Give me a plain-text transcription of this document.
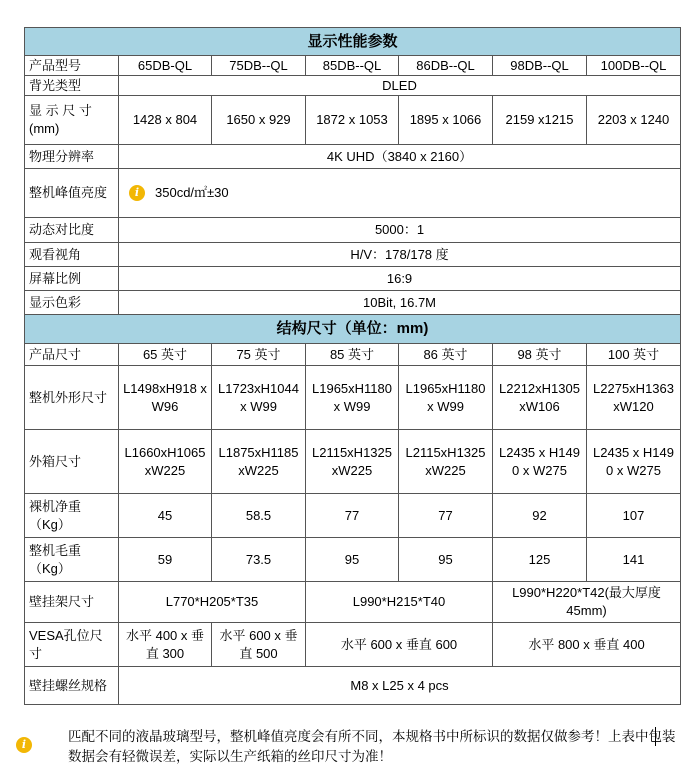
显示性能参数						
产品型号	65DB-QL	75DB--QL	85DB--QL	86DB--QL	98DB--QL	100DB--QL
背光类型	DLED					
显 示 尺 寸 (mm)	1428 x 804	1650 x 929	1872 x 1053	1895 x 1066	2159 x1215	2203 x 1240
物理分辨率	4K UHD（3840 x 2160）					
整机峰值亮度	i 350cd/㎡±30					

动态对比度	5000：1					
观看视角	H/V：178/178 度					
屏幕比例	16:9					
显示色彩	10Bit, 16.7M					
结构尺寸（单位：mm)						
产品尺寸	65 英寸	75 英寸	85 英寸	86 英寸	98 英寸	100 英寸
整机外形尺寸	L1498xH918 x W96	L1723xH1044 x W99	L1965xH1180 x W99	L1965xH1180 x W99	L2212xH1305xW106	L2275xH1363xW120
外箱尺寸	L1660xH1065xW225	L1875xH1185xW225	L2115xH1325xW225	L2115xH1325xW225	L2435 x H1490 x W275	L2435 x H1490 x W275
裸机净重（Kg）	45	58.5	77	77	92	107
整机毛重（Kg）	59	73.5	95	95	125	141
壁挂架尺寸	L770*H205*T35		L990*H215*T40		L990*H220*T42(最大厚度45mm)	
VESA孔位尺寸	水平 400 x 垂直 300	水平 600 x 垂直 500	水平 600 x 垂直 600		水平 800 x 垂直 400	
壁挂螺丝规格	M8 x L25 x 4 pcs					
i
匹配不同的液晶玻璃型号，整机峰值亮度会有所不同，本规格书中所标识的数据仅做参考！上表中包装数据会有轻微误差，实际以生产纸箱的丝印尺寸为准！
